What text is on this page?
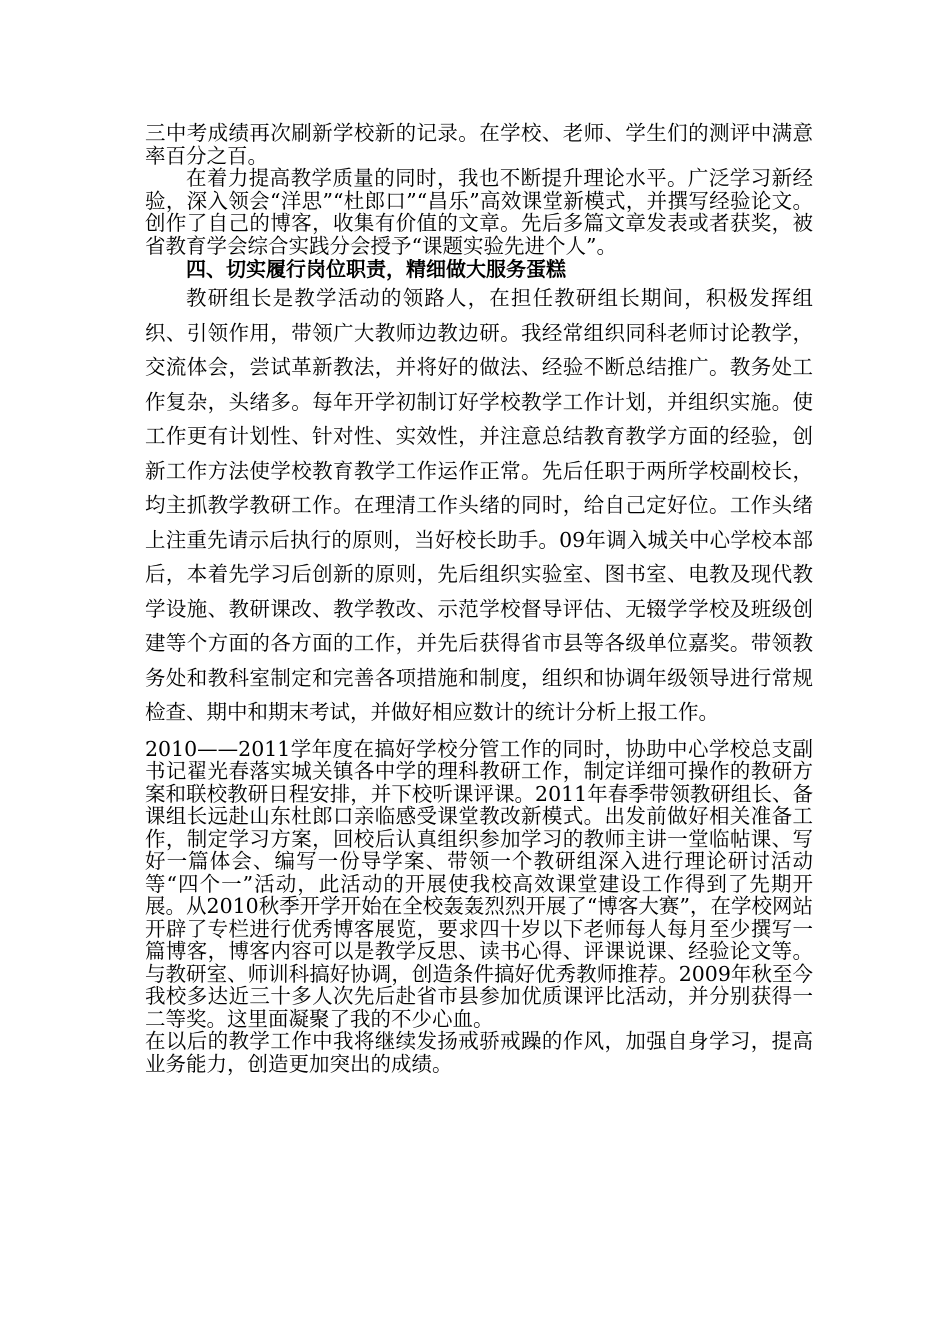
三中考成绩再次刷新学校新的记录。在学校、老师、学生们的测评中满意率百分之百。

在着力提高教学质量的同时，我也不断提升理论水平。广泛学习新经验，深入领会“洋思”“杜郎口”“昌乐”高效课堂新模式，并撰写经验论文。创作了自己的博客，收集有价值的文章。先后多篇文章发表或者获奖，被省教育学会综合实践分会授予“课题实验先进个人”。

四、切实履行岗位职责，精细做大服务蛋糕

教研组长是教学活动的领路人，在担任教研组长期间，积极发挥组织、引领作用，带领广大教师边教边研。我经常组织同科老师讨论教学，交流体会，尝试革新教法，并将好的做法、经验不断总结推广。教务处工作复杂，头绪多。每年开学初制订好学校教学工作计划，并组织实施。使工作更有计划性、针对性、实效性，并注意总结教育教学方面的经验，创新工作方法使学校教育教学工作运作正常。先后任职于两所学校副校长，均主抓教学教研工作。在理清工作头绪的同时，给自己定好位。工作头绪上注重先请示后执行的原则，当好校长助手。09年调入城关中心学校本部后，本着先学习后创新的原则，先后组织实验室、图书室、电教及现代教学设施、教研课改、教学教改、示范学校督导评估、无辍学学校及班级创建等个方面的各方面的工作，并先后获得省市县等各级单位嘉奖。带领教务处和教科室制定和完善各项措施和制度，组织和协调年级领导进行常规检查、期中和期末考试，并做好相应数计的统计分析上报工作。

2010——2011学年度在搞好学校分管工作的同时，协助中心学校总支副书记翟光春落实城关镇各中学的理科教研工作，制定详细可操作的教研方案和联校教研日程安排，并下校听课评课。2011年春季带领教研组长、备课组长远赴山东杜郎口亲临感受课堂教改新模式。出发前做好相关准备工作，制定学习方案，回校后认真组织参加学习的教师主讲一堂临帖课、写好一篇体会、编写一份导学案、带领一个教研组深入进行理论研讨活动等“四个一”活动，此活动的开展使我校高效课堂建设工作得到了先期开展。从2010秋季开学开始在全校轰轰烈烈开展了“博客大赛”，在学校网站开辟了专栏进行优秀博客展览，要求四十岁以下老师每人每月至少撰写一篇博客，博客内容可以是教学反思、读书心得、评课说课、经验论文等。与教研室、师训科搞好协调，创造条件搞好优秀教师推荐。2009年秋至今我校多达近三十多人次先后赴省市县参加优质课评比活动，并分别获得一二等奖。这里面凝聚了我的不少心血。

在以后的教学工作中我将继续发扬戒骄戒躁的作风，加强自身学习，提高业务能力，创造更加突出的成绩。
